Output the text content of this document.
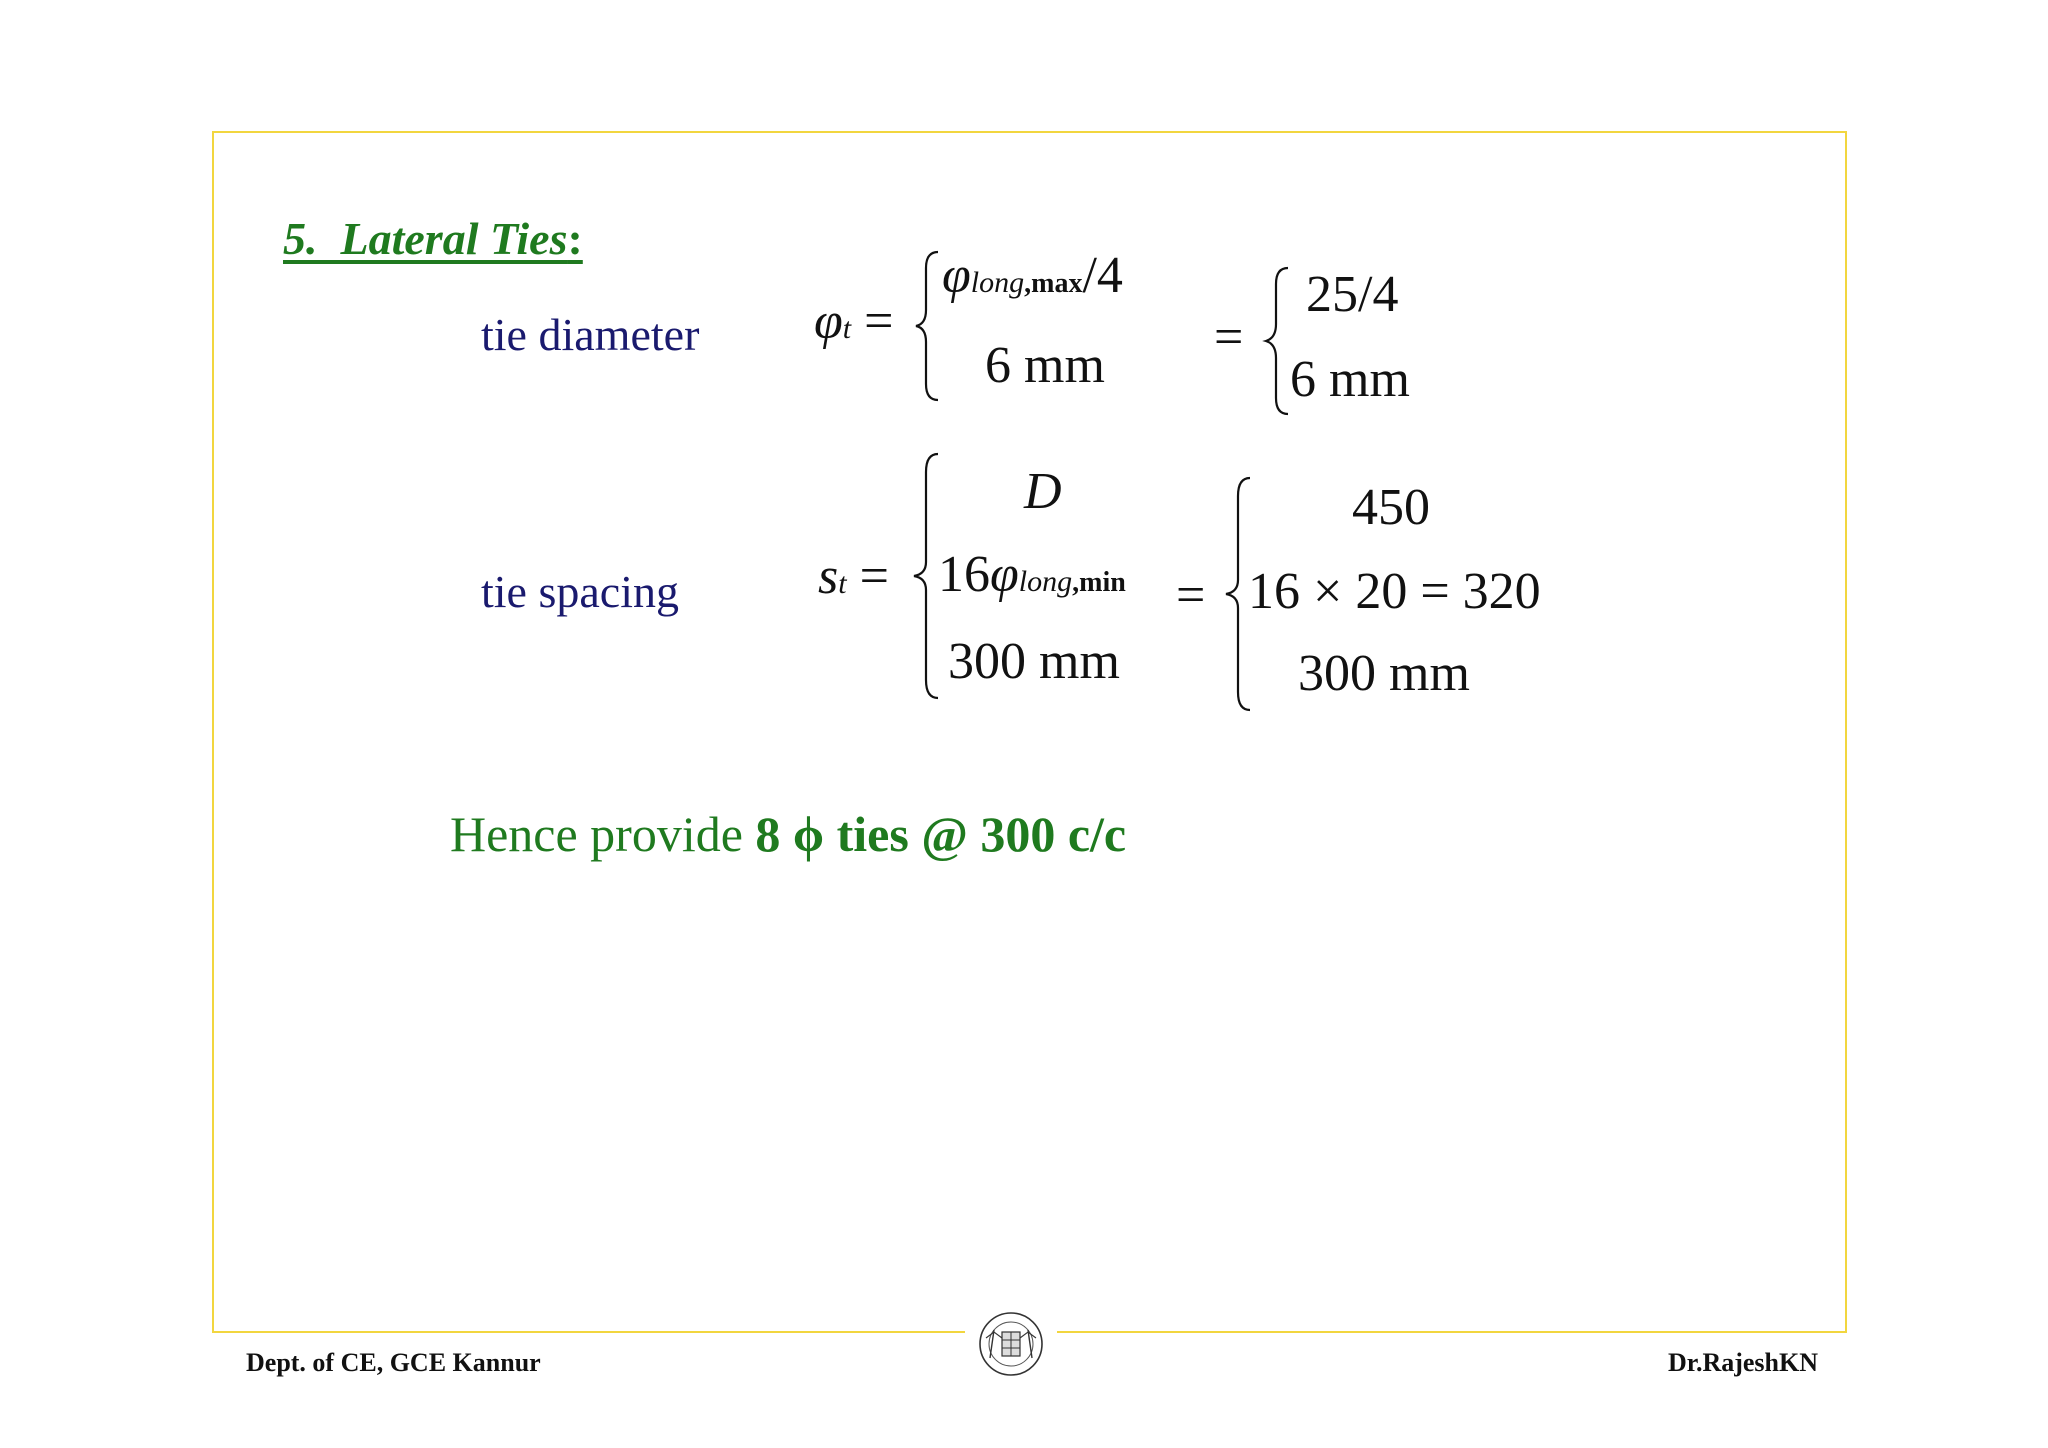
5. Lateral Ties:
tie diameter φt =
φlong,max/4
6 mm =
25/4
6 mm
tie spacing	st =
D
16φlong,min
300 mm
=
450
16 × 20 = 320
300 mm
Hence provide 8 ϕ ties @ 300 c/c
Dept. of CE, GCE Kannur	Dr.RajeshKN
